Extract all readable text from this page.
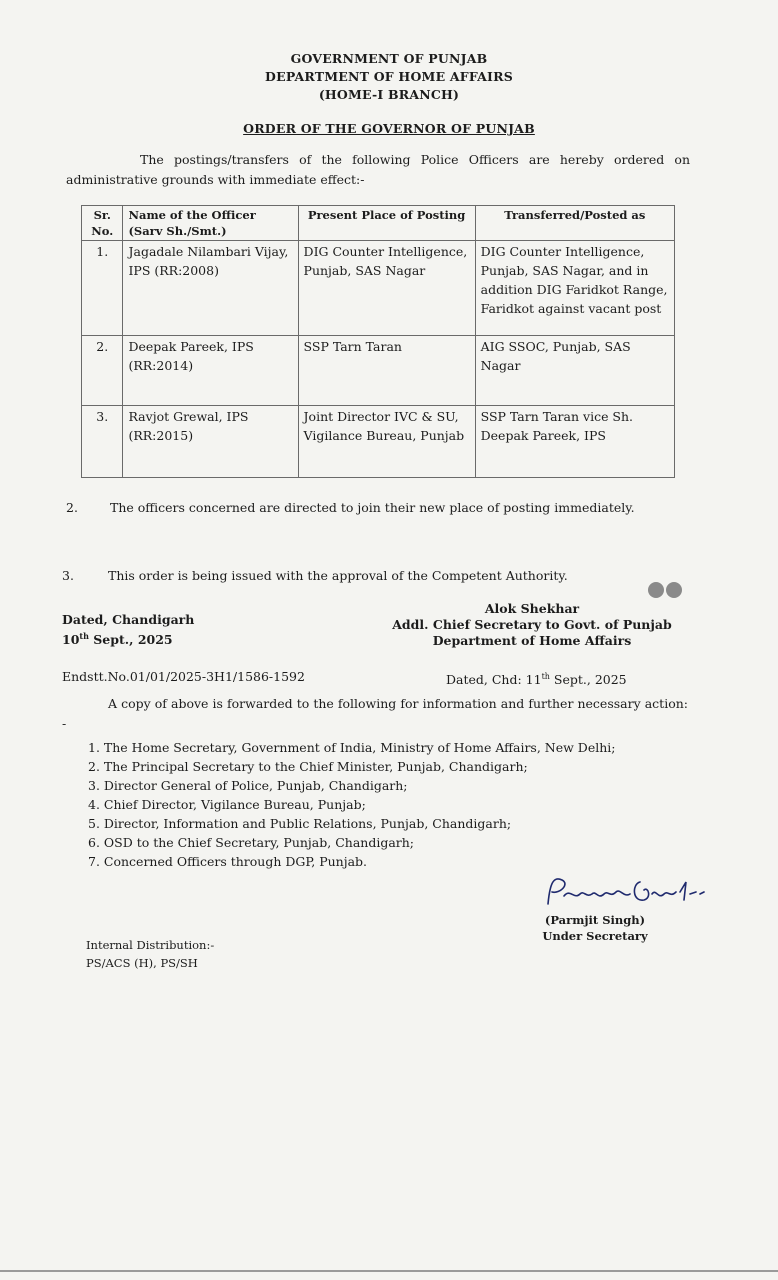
GOVERNMENT OF PUNJAB
DEPARTMENT OF HOME AFFAIRS
(HOME-I BRANCH)
ORDER OF THE GOVERNOR OF PUNJAB
The postings/transfers of the following Police Officers are hereby ordered on administrative grounds with immediate effect:-
Sr. No.	Name of the Officer (Sarv Sh./Smt.)	Present Place of Posting	Transferred/Posted as
1.	Jagadale Nilambari Vijay, IPS (RR:2008)	DIG Counter Intelligence, Punjab, SAS Nagar	DIG Counter Intelligence, Punjab, SAS Nagar, and in addition DIG Faridkot Range, Faridkot against vacant post
2.	Deepak Pareek, IPS (RR:2014)	SSP Tarn Taran	AIG SSOC, Punjab, SAS Nagar
3.	Ravjot Grewal, IPS (RR:2015)	Joint Director IVC & SU, Vigilance Bureau, Punjab	SSP Tarn Taran vice Sh. Deepak Pareek, IPS
2.	The officers concerned are directed to join their new place of posting immediately.
3.	This order is being issued with the approval of the Competent Authority.
Dated, Chandigarh
10th Sept., 2025
Alok Shekhar
Addl. Chief Secretary to Govt. of Punjab
Department of Home Affairs
Endstt.No.01/01/2025-3H1/1586-1592	Dated, Chd: 11th Sept., 2025
A copy of above is forwarded to the following for information and further necessary action: -
1. The Home Secretary, Government of India, Ministry of Home Affairs, New Delhi;
2. The Principal Secretary to the Chief Minister, Punjab, Chandigarh;
3. Director General of Police, Punjab, Chandigarh;
4. Chief Director, Vigilance Bureau, Punjab;
5. Director, Information and Public Relations, Punjab, Chandigarh;
6. OSD to the Chief Secretary, Punjab, Chandigarh;
7. Concerned Officers through DGP, Punjab.
(Parmjit Singh)
Under Secretary
Internal Distribution:-
PS/ACS (H), PS/SH
